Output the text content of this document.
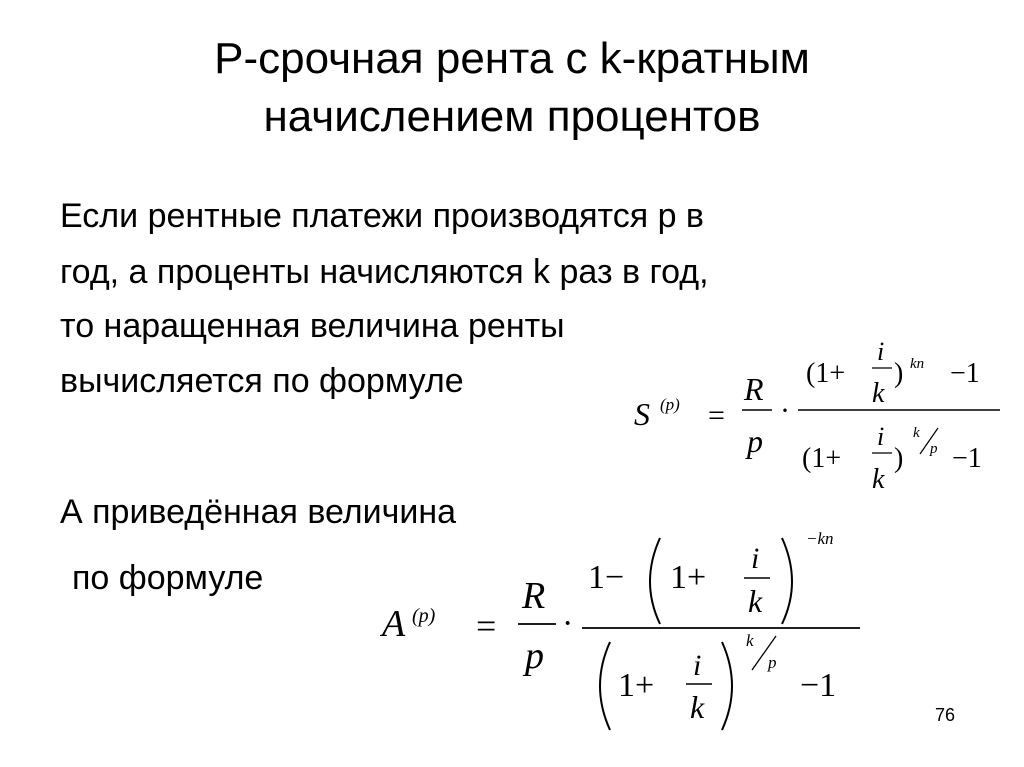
P-срочная рента с k-кратным
начислением процентов
Если рентные платежи производятся р в
год, а проценты начисляются k раз в год,
то наращенная величина ренты
вычисляется по формуле
А приведённая величина
по формуле
S (p) =
R
p
·
(1+
i
k
) kn −1
(1+
i
k
)
k
p −1
A (p) =
R
p
·
1− 1+
i
k
−kn
1+
i
k
k
p
−1
76
